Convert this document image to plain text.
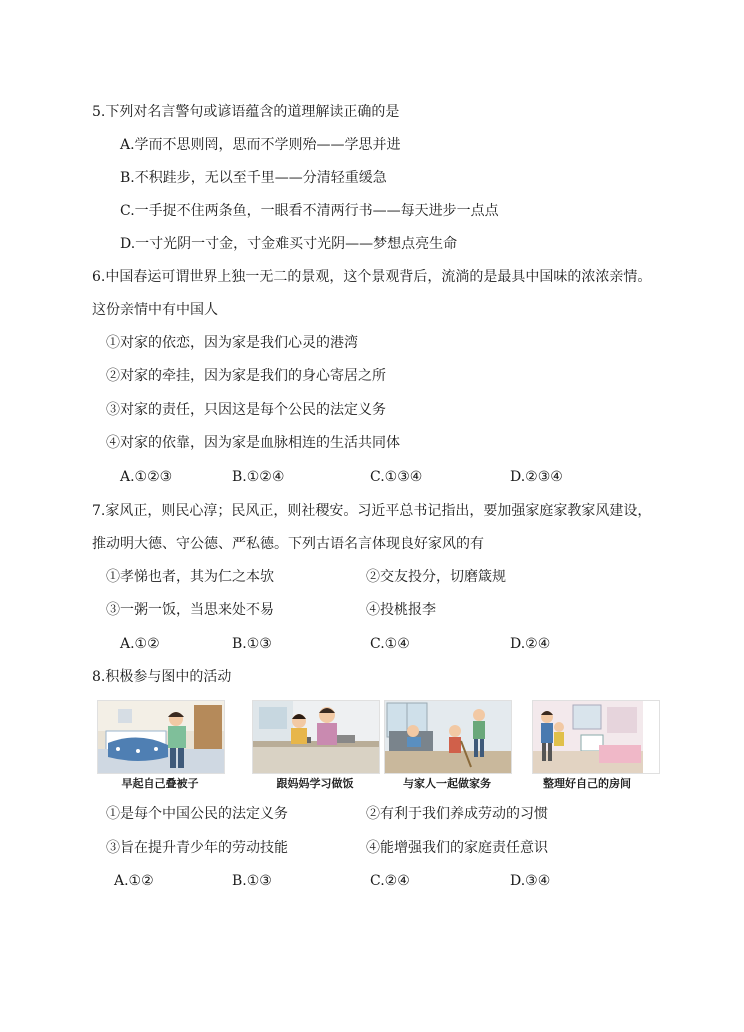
5.下列对名言警句或谚语蕴含的道理解读正确的是
A.学而不思则罔，思而不学则殆——学思并进
B.不积跬步，无以至千里——分清轻重缓急
C.一手捉不住两条鱼，一眼看不清两行书——每天进步一点点
D.一寸光阴一寸金，寸金难买寸光阴——梦想点亮生命
6.中国春运可谓世界上独一无二的景观，这个景观背后，流淌的是最具中国味的浓浓亲情。
这份亲情中有中国人
①对家的依恋，因为家是我们心灵的港湾
②对家的牵挂，因为家是我们的身心寄居之所
③对家的责任，只因这是每个公民的法定义务
④对家的依靠，因为家是血脉相连的生活共同体
A.①②③	B.①②④	C.①③④	D.②③④
7.家风正，则民心淳；民风正，则社稷安。习近平总书记指出，要加强家庭家教家风建设，
推动明大德、守公德、严私德。下列古语名言体现良好家风的有
①孝悌也者，其为仁之本欤	②交友投分，切磨箴规
③一粥一饭，当思来处不易	④投桃报李
A.①②	B.①③	C.①④	D.②④
8.积极参与图中的活动
早起自己叠被子	跟妈妈学习做饭	与家人一起做家务	整理好自己的房间
①是每个中国公民的法定义务	②有利于我们养成劳动的习惯
③旨在提升青少年的劳动技能	④能增强我们的家庭责任意识
A.①②	B.①③	C.②④	D.③④
